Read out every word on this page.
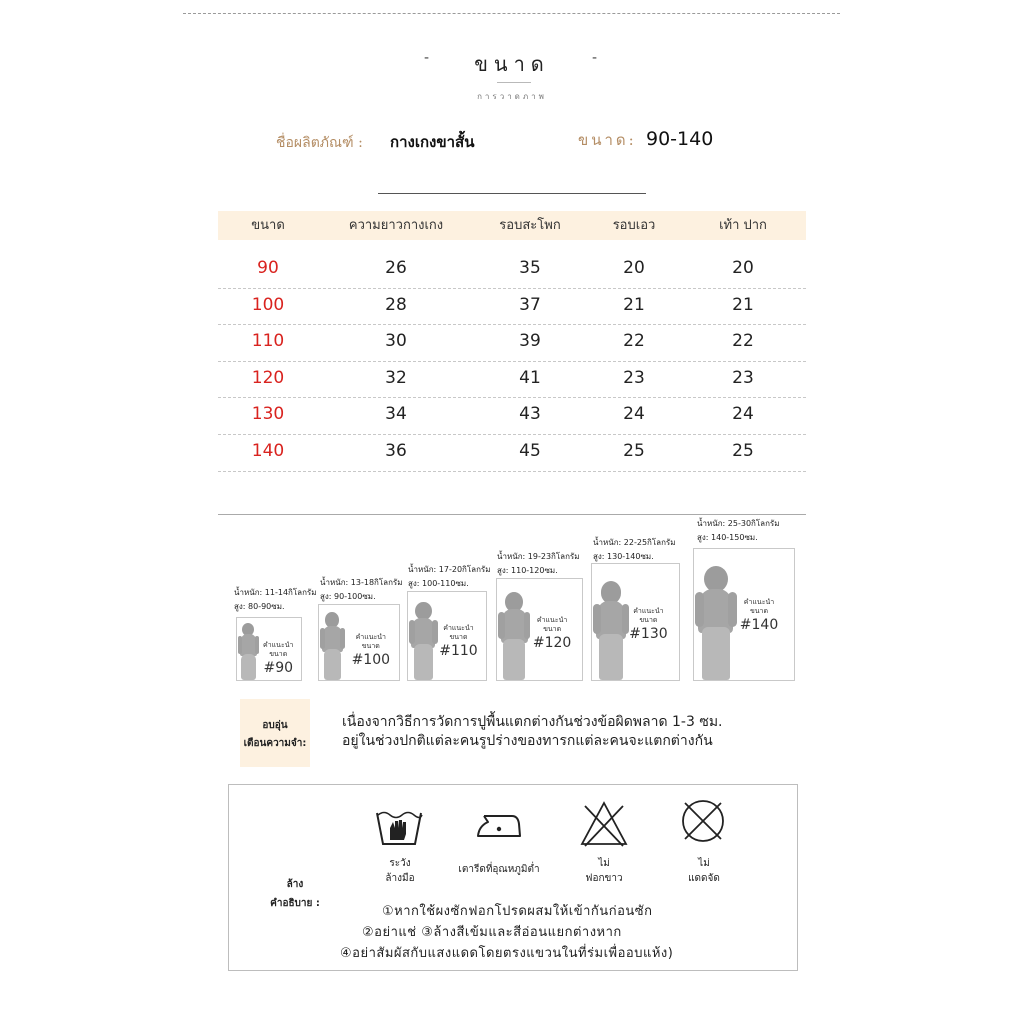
-	-
ขนาด
การวาดภาพ
ชื่อผลิตภัณฑ์ : กางเกงขาสั้น	ขนาด: 90-140
ขนาด	ความยาวกางเกง	รอบสะโพก	รอบเอว	เท้า ปาก
90	26	35	20	20
100	28	37	21	21
110	30	39	22	22
120	32	41	23	23
130	34	43	24	24
140	36	45	25	25
น้ำหนัก: 11-14กิโลกรัม
สูง: 80-90ซม.
คำแนะนำ
ขนาด
#90
น้ำหนัก: 13-18กิโลกรัม
สูง: 90-100ซม.
คำแนะนำ
ขนาด
#100
น้ำหนัก: 17-20กิโลกรัม
สูง: 100-110ซม.
คำแนะนำ
ขนาด
#110
น้ำหนัก: 19-23กิโลกรัม
สูง: 110-120ซม.
คำแนะนำ
ขนาด
#120
น้ำหนัก: 22-25กิโลกรัม
สูง: 130-140ซม.
คำแนะนำ
ขนาด
#130
น้ำหนัก: 25-30กิโลกรัม
สูง: 140-150ซม.
คำแนะนำ
ขนาด
#140
อบอุ่น
เตือนความจำ:
เนื่องจากวิธีการวัดการปูพื้นแตกต่างกันช่วงข้อผิดพลาด 1-3 ซม.
อยู่ในช่วงปกติแต่ละคนรูปร่างของทารกแต่ละคนจะแตกต่างกัน
ล้าง
คำอธิบาย :
ระวัง
ล้างมือ
เตารีดที่อุณหภูมิต่ำ
ไม่
ฟอกขาว
ไม่
แดดจัด
①หากใช้ผงซักฟอกโปรดผสมให้เข้ากันก่อนซัก
②อย่าแช่ ③ล้างสีเข้มและสีอ่อนแยกต่างหาก
④อย่าสัมผัสกับแสงแดดโดยตรงแขวนในที่ร่มเพื่ออบแห้ง)
